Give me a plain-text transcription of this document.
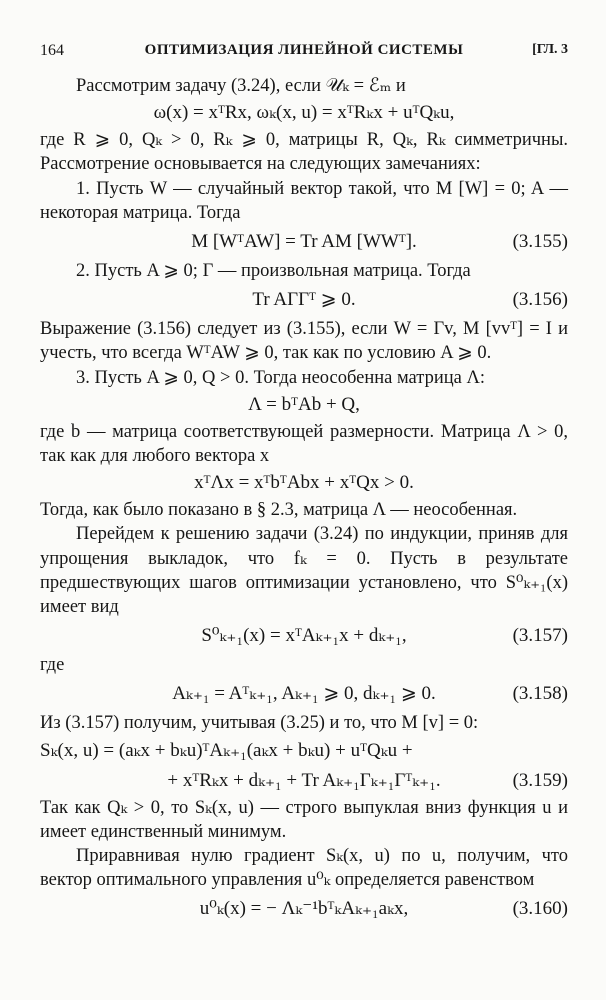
164	ОПТИМИЗАЦИЯ ЛИНЕЙНОЙ СИСТЕМЫ	[ГЛ. 3

Рассмотрим задачу (3.24), если 𝒰ₖ = ℰₘ и

ω(x) = xᵀRx, ωₖ(x, u) = xᵀRₖx + uᵀQₖu,

где R ⩾ 0, Qₖ > 0, Rₖ ⩾ 0, матрицы R, Qₖ, Rₖ симметричны. Рассмотрение основывается на следующих замечаниях:

1. Пусть W — случайный вектор такой, что M [W] = 0; A — некоторая матрица. Тогда

M [WᵀAW] = Tr AM [WWᵀ].	(3.155)

2. Пусть A ⩾ 0; Γ — произвольная матрица. Тогда

Tr AΓΓᵀ ⩾ 0.	(3.156)

Выражение (3.156) следует из (3.155), если W = Γv, M [vvᵀ] = I и учесть, что всегда WᵀAW ⩾ 0, так как по условию A ⩾ 0.

3. Пусть A ⩾ 0, Q > 0. Тогда неособенна матрица Λ:

Λ = bᵀAb + Q,

где b — матрица соответствующей размерности. Матрица Λ > 0, так как для любого вектора x

xᵀΛx = xᵀbᵀAbx + xᵀQx > 0.

Тогда, как было показано в § 2.3, матрица Λ — неособенная.

Перейдем к решению задачи (3.24) по индукции, приняв для упрощения выкладок, что fₖ = 0. Пусть в результате предшествующих шагов оптимизации установлено, что S⁰ₖ₊₁(x) имеет вид

S⁰ₖ₊₁(x) = xᵀAₖ₊₁x + dₖ₊₁,	(3.157)

где

Aₖ₊₁ = Aᵀₖ₊₁, Aₖ₊₁ ⩾ 0, dₖ₊₁ ⩾ 0.	(3.158)

Из (3.157) получим, учитывая (3.25) и то, что M [v] = 0:

Sₖ(x, u) = (aₖx + bₖu)ᵀAₖ₊₁(aₖx + bₖu) + uᵀQₖu +
+ xᵀRₖx + dₖ₊₁ + Tr Aₖ₊₁Γₖ₊₁Γᵀₖ₊₁.	(3.159)

Так как Qₖ > 0, то Sₖ(x, u) — строго выпуклая вниз функция u и имеет единственный минимум.

Приравнивая нулю градиент Sₖ(x, u) по u, получим, что вектор оптимального управления u⁰ₖ определяется равенством

u⁰ₖ(x) = − Λₖ⁻¹bᵀₖAₖ₊₁aₖx,	(3.160)
